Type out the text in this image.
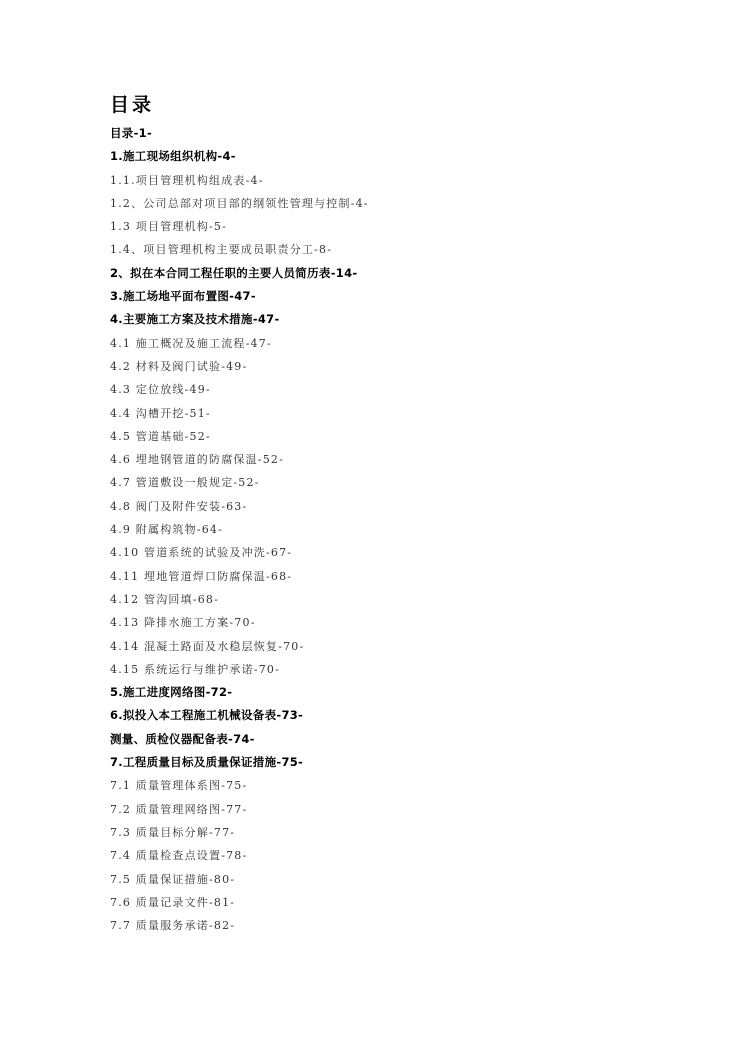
目录
目录-1-
1.施工现场组织机构-4-
1.1.项目管理机构组成表-4-
1.2、公司总部对项目部的纲领性管理与控制-4-
1.3 项目管理机构-5-
1.4、项目管理机构主要成员职责分工-8-
2、拟在本合同工程任职的主要人员简历表-14-
3.施工场地平面布置图-47-
4.主要施工方案及技术措施-47-
4.1 施工概况及施工流程-47-
4.2 材料及阀门试验-49-
4.3 定位放线-49-
4.4 沟槽开挖-51-
4.5 管道基础-52-
4.6 埋地钢管道的防腐保温-52-
4.7 管道敷设一般规定-52-
4.8 阀门及附件安装-63-
4.9 附属构筑物-64-
4.10 管道系统的试验及冲洗-67-
4.11 埋地管道焊口防腐保温-68-
4.12 管沟回填-68-
4.13 降排水施工方案-70-
4.14 混凝土路面及水稳层恢复-70-
4.15 系统运行与维护承诺-70-
5.施工进度网络图-72-
6.拟投入本工程施工机械设备表-73-
测量、质检仪器配备表-74-
7.工程质量目标及质量保证措施-75-
7.1 质量管理体系图-75-
7.2 质量管理网络图-77-
7.3 质量目标分解-77-
7.4 质量检查点设置-78-
7.5 质量保证措施-80-
7.6 质量记录文件-81-
7.7 质量服务承诺-82-
